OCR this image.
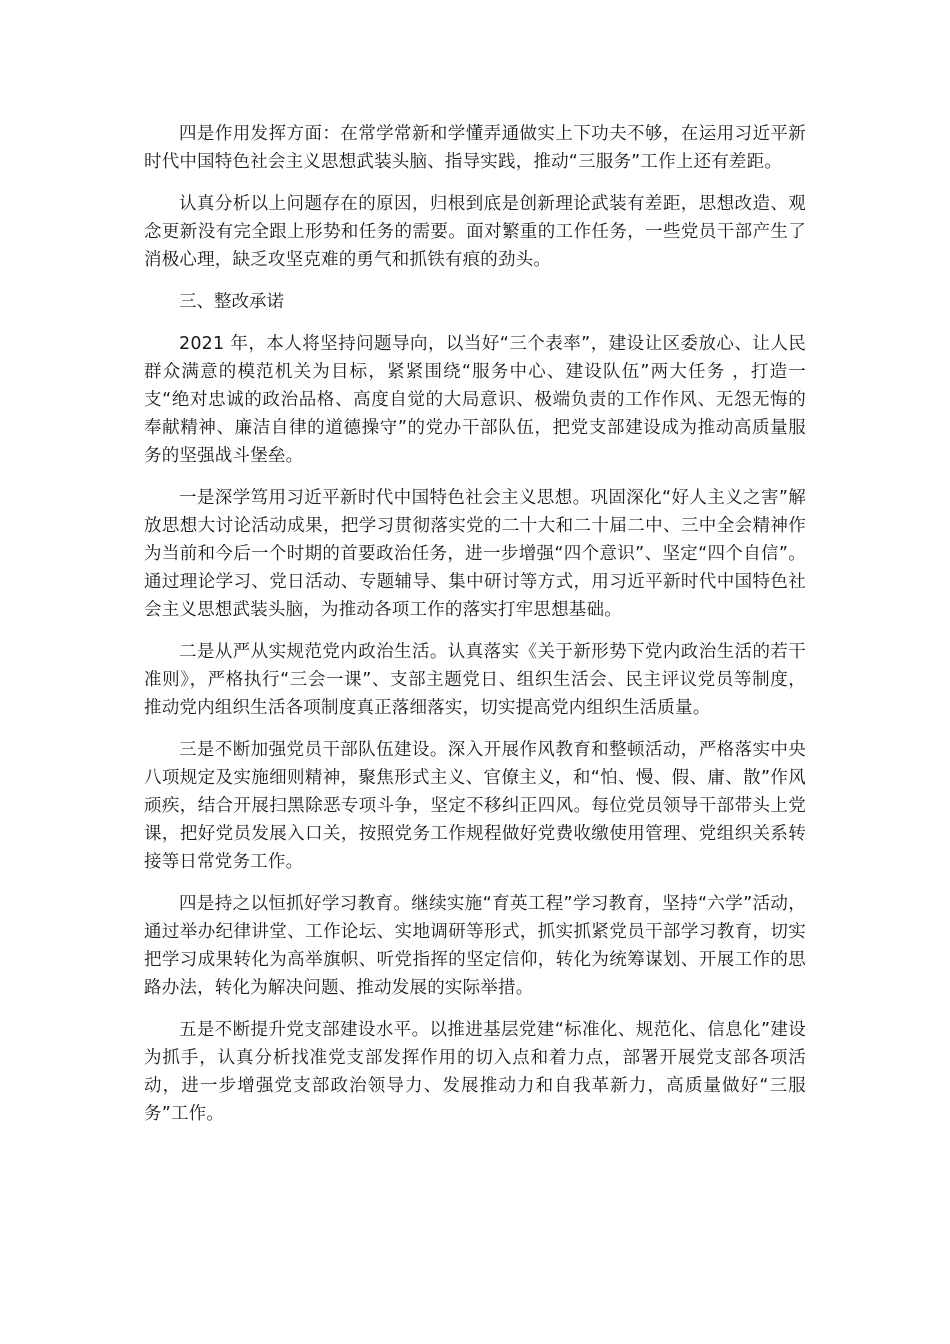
四是作用发挥方面：在常学常新和学懂弄通做实上下功夫不够，在运用习近平新时代中国特色社会主义思想武装头脑、指导实践，推动“三服务”工作上还有差距。

认真分析以上问题存在的原因，归根到底是创新理论武装有差距，思想改造、观念更新没有完全跟上形势和任务的需要。面对繁重的工作任务，一些党员干部产生了消极心理，缺乏攻坚克难的勇气和抓铁有痕的劲头。

三、整改承诺

2021 年，本人将坚持问题导向，以当好“三个表率”，建设让区委放心、让人民群众满意的模范机关为目标，紧紧围绕“服务中心、建设队伍”两大任务 ，打造一支“绝对忠诚的政治品格、高度自觉的大局意识、极端负责的工作作风、无怨无悔的奉献精神、廉洁自律的道德操守”的党办干部队伍，把党支部建设成为推动高质量服务的坚强战斗堡垒。

一是深学笃用习近平新时代中国特色社会主义思想。巩固深化“好人主义之害”解放思想大讨论活动成果，把学习贯彻落实党的二十大和二十届二中、三中全会精神作为当前和今后一个时期的首要政治任务，进一步增强“四个意识”、坚定“四个自信”。通过理论学习、党日活动、专题辅导、集中研讨等方式，用习近平新时代中国特色社会主义思想武装头脑，为推动各项工作的落实打牢思想基础。

二是从严从实规范党内政治生活。认真落实《关于新形势下党内政治生活的若干准则》，严格执行“三会一课”、支部主题党日、组织生活会、民主评议党员等制度，推动党内组织生活各项制度真正落细落实，切实提高党内组织生活质量。

三是不断加强党员干部队伍建设。深入开展作风教育和整顿活动，严格落实中央八项规定及实施细则精神，聚焦形式主义、官僚主义，和“怕、慢、假、庸、散”作风顽疾，结合开展扫黑除恶专项斗争，坚定不移纠正四风。每位党员领导干部带头上党课，把好党员发展入口关，按照党务工作规程做好党费收缴使用管理、党组织关系转接等日常党务工作。

四是持之以恒抓好学习教育。继续实施“育英工程”学习教育，坚持“六学”活动，通过举办纪律讲堂、工作论坛、实地调研等形式，抓实抓紧党员干部学习教育，切实把学习成果转化为高举旗帜、听党指挥的坚定信仰，转化为统筹谋划、开展工作的思路办法，转化为解决问题、推动发展的实际举措。

五是不断提升党支部建设水平。以推进基层党建“标准化、规范化、信息化”建设为抓手，认真分析找准党支部发挥作用的切入点和着力点，部署开展党支部各项活动，进一步增强党支部政治领导力、发展推动力和自我革新力，高质量做好“三服务”工作。
